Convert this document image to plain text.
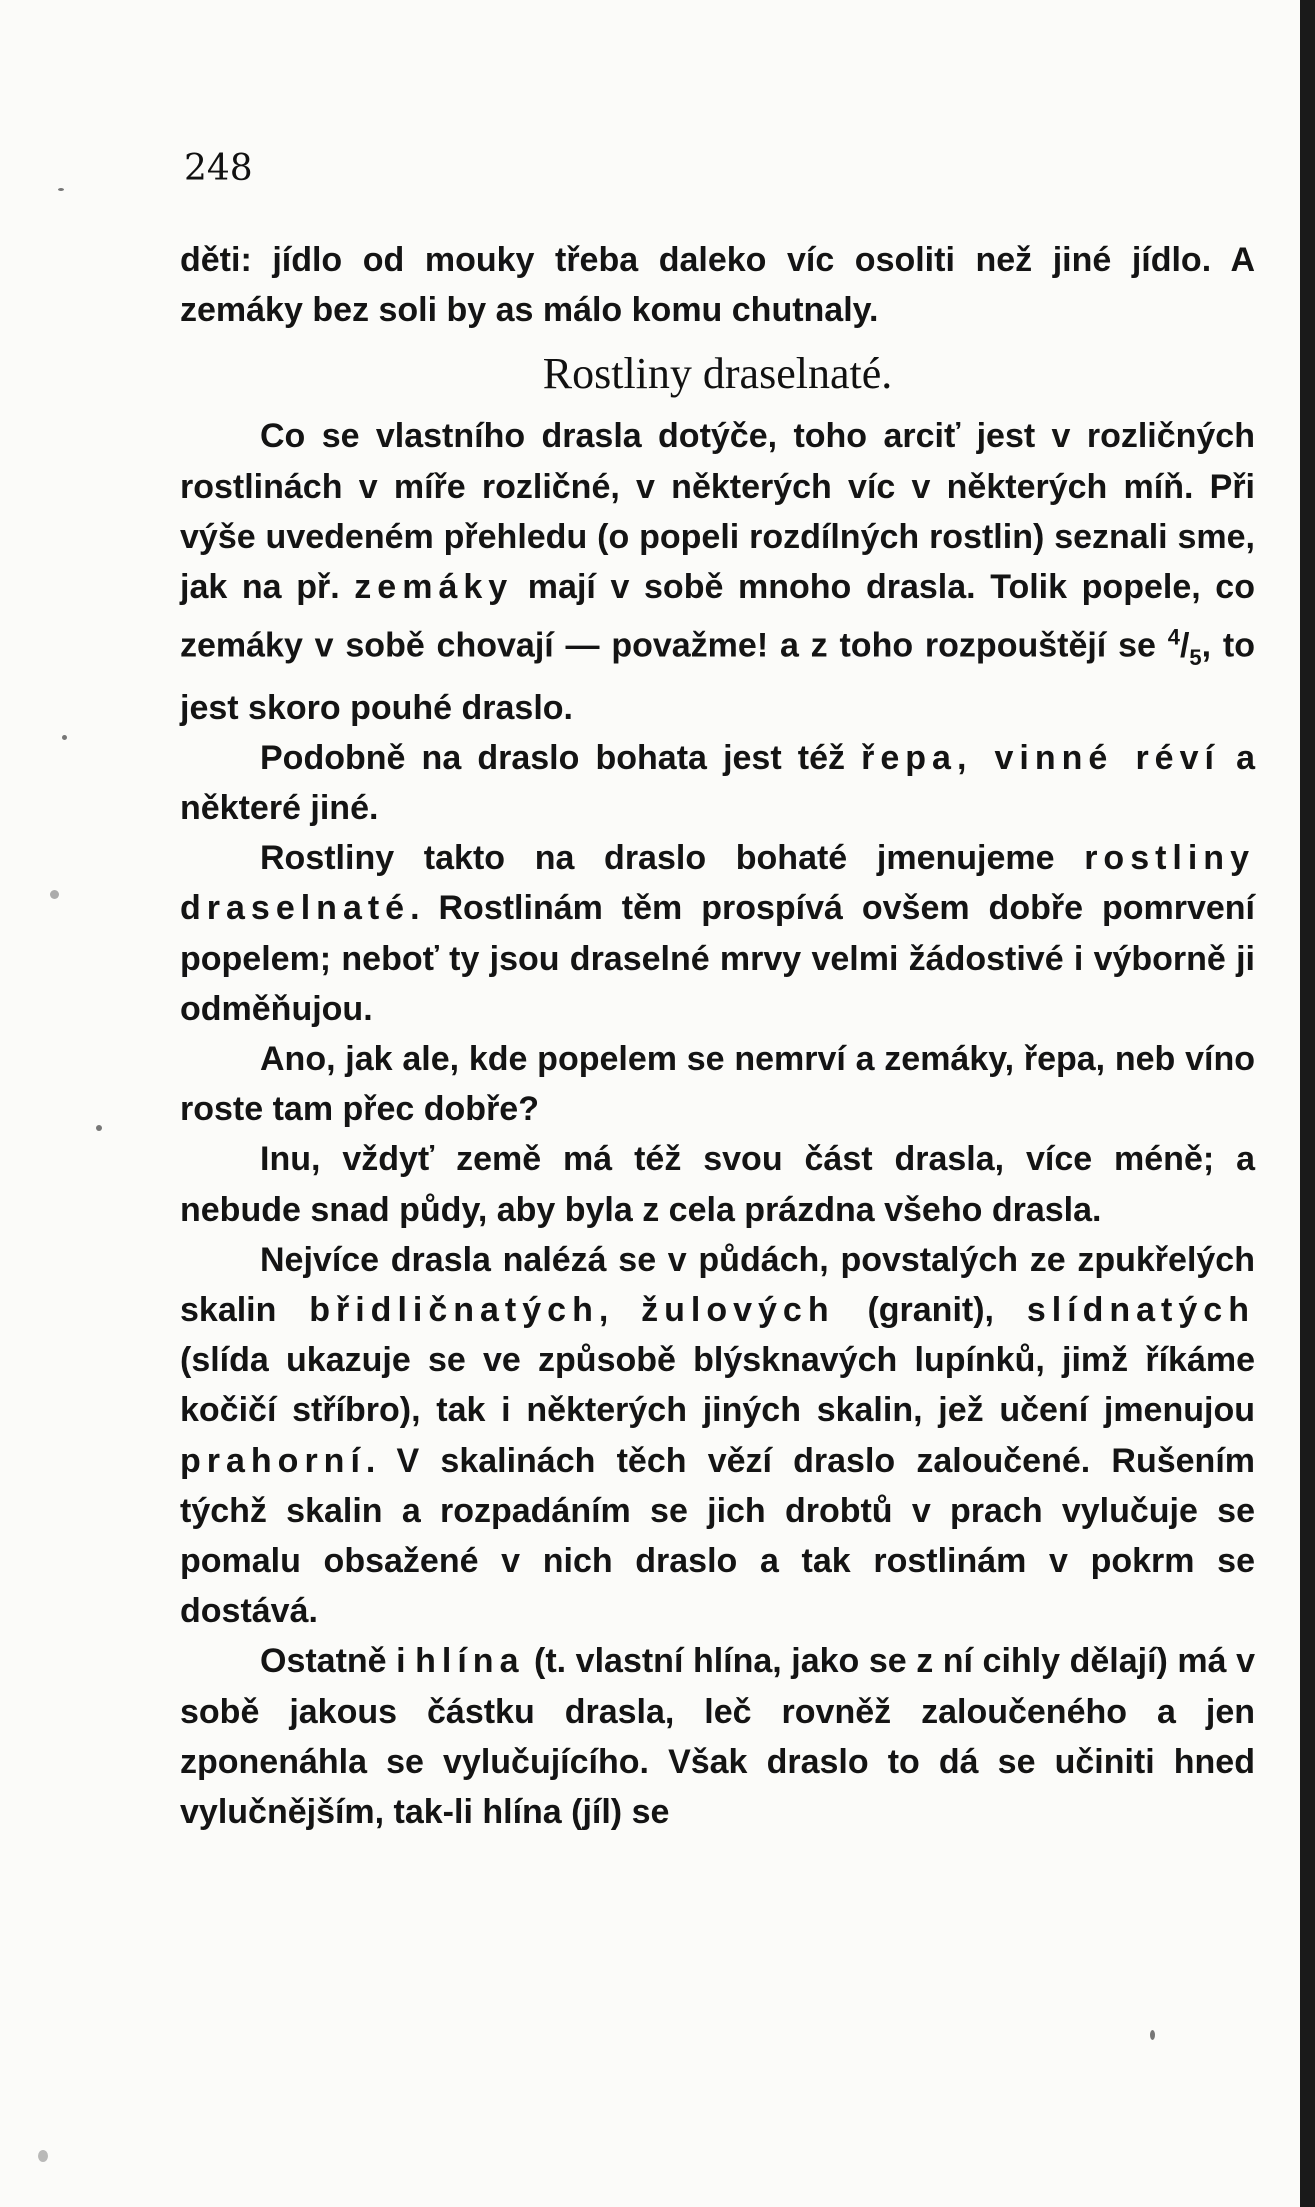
248

děti: jídlo od mouky třeba daleko víc osoliti než jiné jídlo. A zemáky bez soli by as málo komu chutnaly.

Rostliny draselnaté.

Co se vlastního drasla dotýče, toho arciť jest v rozličných rostlinách v míře rozličné, v některých víc v některých míň. Při výše uvedeném přehledu (o popeli rozdílných rostlin) seznali sme, jak na př. zemáky mají v sobě mnoho drasla. Tolik popele, co zemáky v sobě chovají — považme! a z toho rozpouštějí se $^4/_5$, to jest skoro pouhé draslo.

Podobně na draslo bohata jest též řepa, vinné réví a některé jiné.

Rostliny takto na draslo bohaté jmenujeme rostliny draselnaté. Rostlinám těm prospívá ovšem dobře pomrvení popelem; neboť ty jsou draselné mrvy velmi žádostivé i výborně ji odměňujou.

Ano, jak ale, kde popelem se nemrví a zemáky, řepa, neb víno roste tam přec dobře?

Inu, vždyť země má též svou část drasla, více méně; a nebude snad půdy, aby byla z cela prázdna všeho drasla.

Nejvíce drasla nalézá se v půdách, povstalých ze zpukřelých skalin břidličnatých, žulových (granit), slídnatých (slída ukazuje se ve způsobě blýsknavých lupínků, jimž říkáme kočičí stříbro), tak i některých jiných skalin, jež učení jmenujou prahorní. V skalinách těch vězí draslo zaloučené. Rušením týchž skalin a rozpadáním se jich drobtů v prach vylučuje se pomalu obsažené v nich draslo a tak rostlinám v pokrm se dostává.

Ostatně i hlína (t. vlastní hlína, jako se z ní cihly dělají) má v sobě jakous částku drasla, leč rovněž zaloučeného a jen zponenáhla se vylučujícího. Však draslo to dá se učiniti hned vylučnějším, tak-li hlína (jíl) se
